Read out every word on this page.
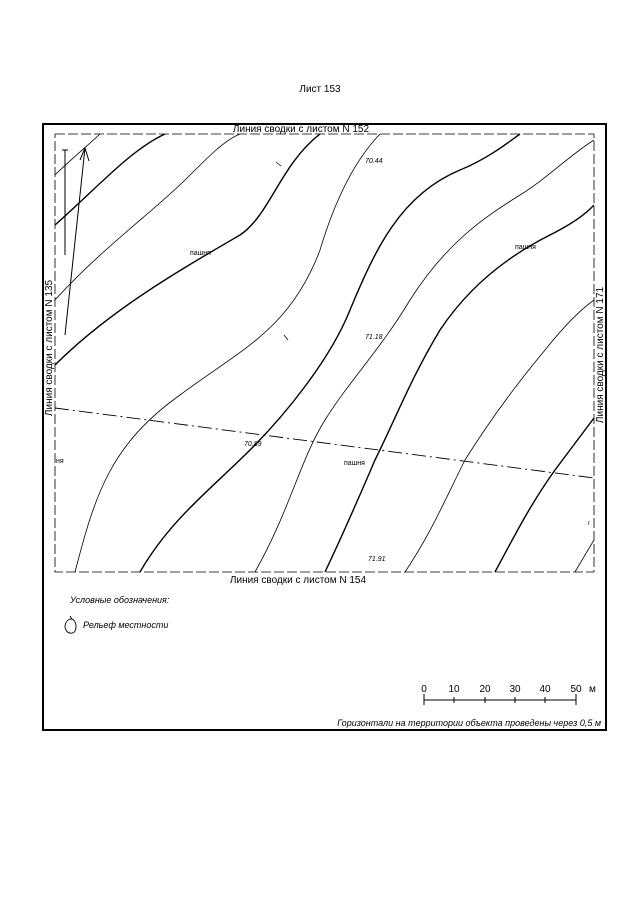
Лист 153
Линия сводки с листом N 152
Линия сводки с листом N 154
Линия сводки с листом N 135	Линия сводки с листом N 171
пашня
пашня
пашня
ня
70.44
71.18
70.89
71.91
г
Условные обозначения:
Рельеф местности
0 10 20 30 40 50 м
Горизонтали на территории объекта проведены через 0,5 м
